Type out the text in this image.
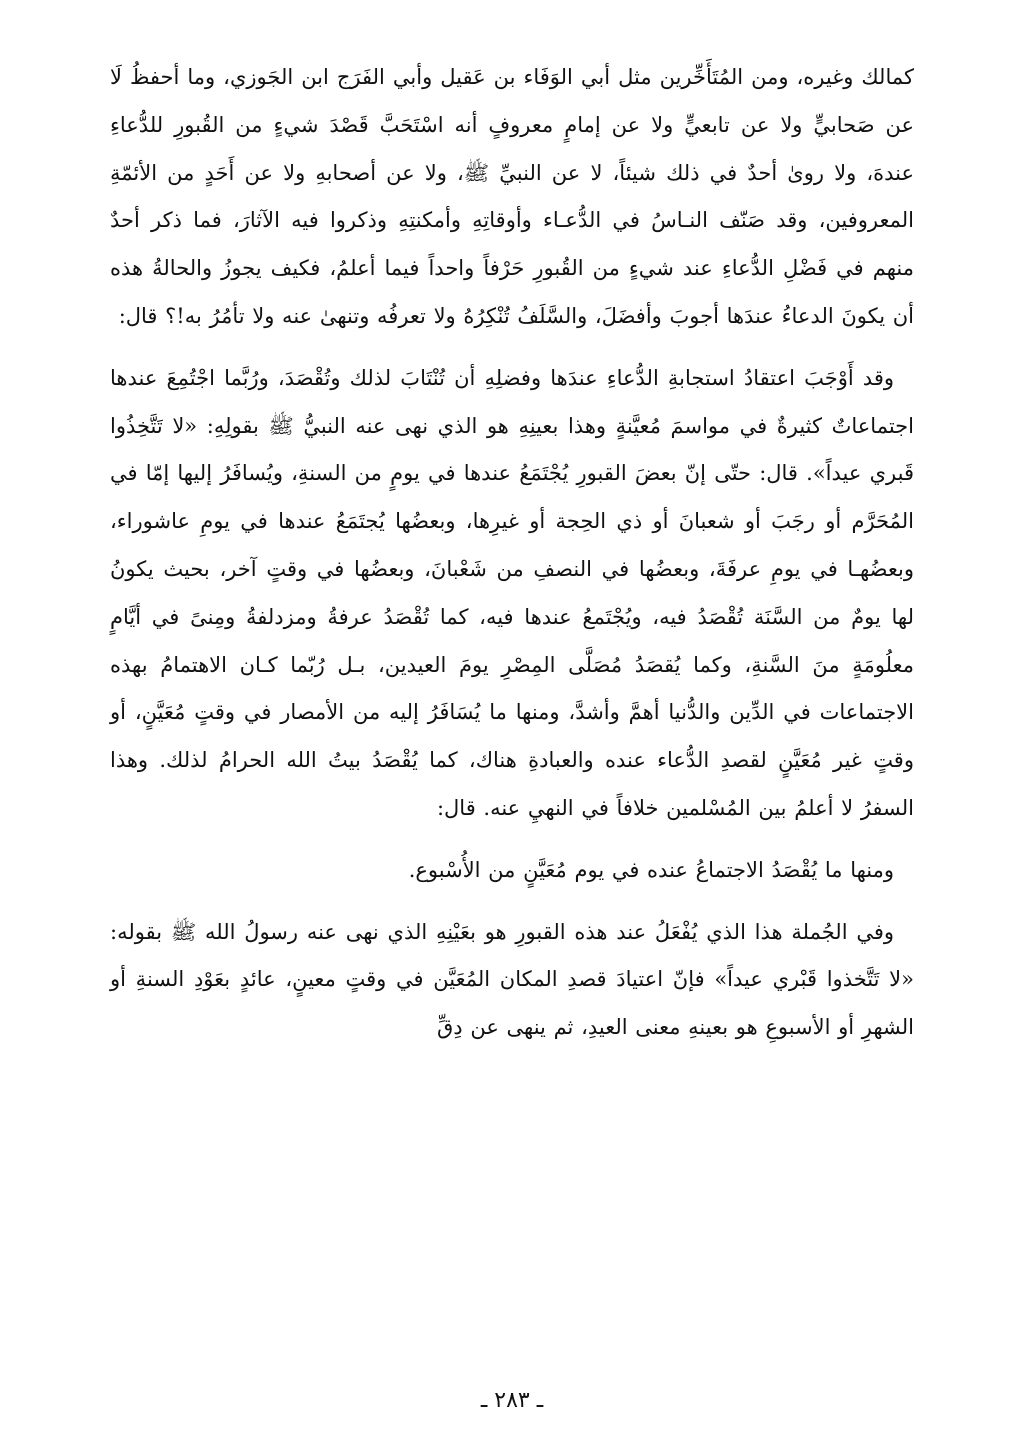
كمالك وغيره، ومن المُتَأَخِّرين مثل أبي الوَفَاء بن عَقيل وأبي الفَرَج ابن الجَوزي، وما أحفظُ لَا عن صَحابيٍّ ولا عن تابعيٍّ ولا عن إمامٍ معروفٍ أنه اسْتَحَبَّ قَصْدَ شيءٍ من القُبورِ للدُّعاءِ عندهَ، ولا روىٰ أحدٌ في ذلك شيئاً، لا عن النبيِّ ﷺ، ولا عن أصحابهِ ولا عن أَحَدٍ من الأئمّةِ المعروفين، وقد صَنّف النـاسُ في الدُّعـاء وأوقاتِهِ وأمكنتِهِ وذكروا فيه الآثارَ، فما ذكر أحدٌ منهم في فَضْلِ الدُّعاءِ عند شيءٍ من القُبورِ حَرْفاً واحداً فيما أعلمُ، فكيف يجوزُ والحالةُ هذه أن يكونَ الدعاءُ عندَها أجوبَ وأفضَلَ، والسَّلَفُ تُنْكِرُهُ ولا تعرفُه وتنهىٰ عنه ولا تأمُرُ به!؟ قال:

وقد أَوْجَبَ اعتقادُ استجابةِ الدُّعاءِ عندَها وفضلِهِ أن تُنْتَابَ لذلك وتُقْصَدَ، ورُبَّما اجْتُمِعَ عندها اجتماعاتٌ كثيرةٌ في مواسمَ مُعيَّنةٍ وهذا بعينِهِ هو الذي نهى عنه النبيُّ ﷺ بقولِهِ: «لا تَتَّخِذُوا قَبري عيداً». قال: حتّى إنّ بعضَ القبورِ يُجْتَمَعُ عندها في يومٍ من السنةِ، ويُسافَرُ إليها إمّا في المُحَرَّم أو رجَبَ أو شعبانَ أو ذي الحِجة أو غيرِها، وبعضُها يُجتَمَعُ عندها في يومِ عاشوراء، وبعضُهـا في يومِ عرفَةَ، وبعضُها في النصفِ من شَعْبانَ، وبعضُها في وقتٍ آخر، بحيث يكونُ لها يومٌ من السَّنَة تُقْصَدُ فيه، ويُجْتَمعُ عندها فيه، كما تُقْصَدُ عرفةُ ومزدلفةُ ومِنىً في أيَّامٍ معلُومَةٍ منَ السَّنةِ، وكما يُقصَدُ مُصَلَّى المِصْرِ يومَ العيدين، بـل رُبّما كـان الاهتمامُ بهذه الاجتماعات في الدِّين والدُّنيا أهمَّ وأشدَّ، ومنها ما يُسَافَرُ إليه من الأمصار في وقتٍ مُعَيَّنٍ، أو وقتٍ غير مُعَيَّنٍ لقصدِ الدُّعاء عنده والعبادةِ هناك، كما يُقْصَدُ بيتُ الله الحرامُ لذلك. وهذا السفرُ لا أعلمُ بين المُسْلمين خلافاً في النهيِ عنه. قال:

ومنها ما يُقْصَدُ الاجتماعُ عنده في يوم مُعَيَّنٍ من الأُسْبوع.

وفي الجُملة هذا الذي يُفْعَلُ عند هذه القبورِ هو بعَيْنِهِ الذي نهى عنه رسولُ الله ﷺ بقوله: «لا تَتَّخذوا قَبْري عيداً» فإنّ اعتيادَ قصدِ المكان المُعَيَّن في وقتٍ معينٍ، عائدٍ بعَوْدِ السنةِ أو الشهرِ أو الأسبوعِ هو بعينهِ معنى العيدِ، ثم ينهى عن دِقِّ

ـ ٢٨٣ ـ
